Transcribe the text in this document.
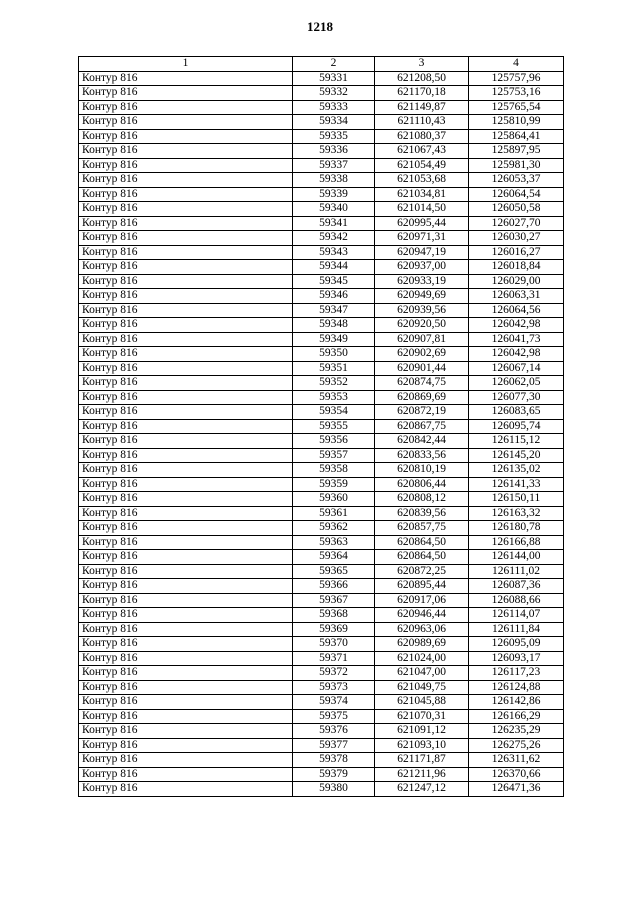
1218
1	2	3	4
Контур 816	59331	621208,50	125757,96
Контур 816	59332	621170,18	125753,16
Контур 816	59333	621149,87	125765,54
Контур 816	59334	621110,43	125810,99
Контур 816	59335	621080,37	125864,41
Контур 816	59336	621067,43	125897,95
Контур 816	59337	621054,49	125981,30
Контур 816	59338	621053,68	126053,37
Контур 816	59339	621034,81	126064,54
Контур 816	59340	621014,50	126050,58
Контур 816	59341	620995,44	126027,70
Контур 816	59342	620971,31	126030,27
Контур 816	59343	620947,19	126016,27
Контур 816	59344	620937,00	126018,84
Контур 816	59345	620933,19	126029,00
Контур 816	59346	620949,69	126063,31
Контур 816	59347	620939,56	126064,56
Контур 816	59348	620920,50	126042,98
Контур 816	59349	620907,81	126041,73
Контур 816	59350	620902,69	126042,98
Контур 816	59351	620901,44	126067,14
Контур 816	59352	620874,75	126062,05
Контур 816	59353	620869,69	126077,30
Контур 816	59354	620872,19	126083,65
Контур 816	59355	620867,75	126095,74
Контур 816	59356	620842,44	126115,12
Контур 816	59357	620833,56	126145,20
Контур 816	59358	620810,19	126135,02
Контур 816	59359	620806,44	126141,33
Контур 816	59360	620808,12	126150,11
Контур 816	59361	620839,56	126163,32
Контур 816	59362	620857,75	126180,78
Контур 816	59363	620864,50	126166,88
Контур 816	59364	620864,50	126144,00
Контур 816	59365	620872,25	126111,02
Контур 816	59366	620895,44	126087,36
Контур 816	59367	620917,06	126088,66
Контур 816	59368	620946,44	126114,07
Контур 816	59369	620963,06	126111,84
Контур 816	59370	620989,69	126095,09
Контур 816	59371	621024,00	126093,17
Контур 816	59372	621047,00	126117,23
Контур 816	59373	621049,75	126124,88
Контур 816	59374	621045,88	126142,86
Контур 816	59375	621070,31	126166,29
Контур 816	59376	621091,12	126235,29
Контур 816	59377	621093,10	126275,26
Контур 816	59378	621171,87	126311,62
Контур 816	59379	621211,96	126370,66
Контур 816	59380	621247,12	126471,36
